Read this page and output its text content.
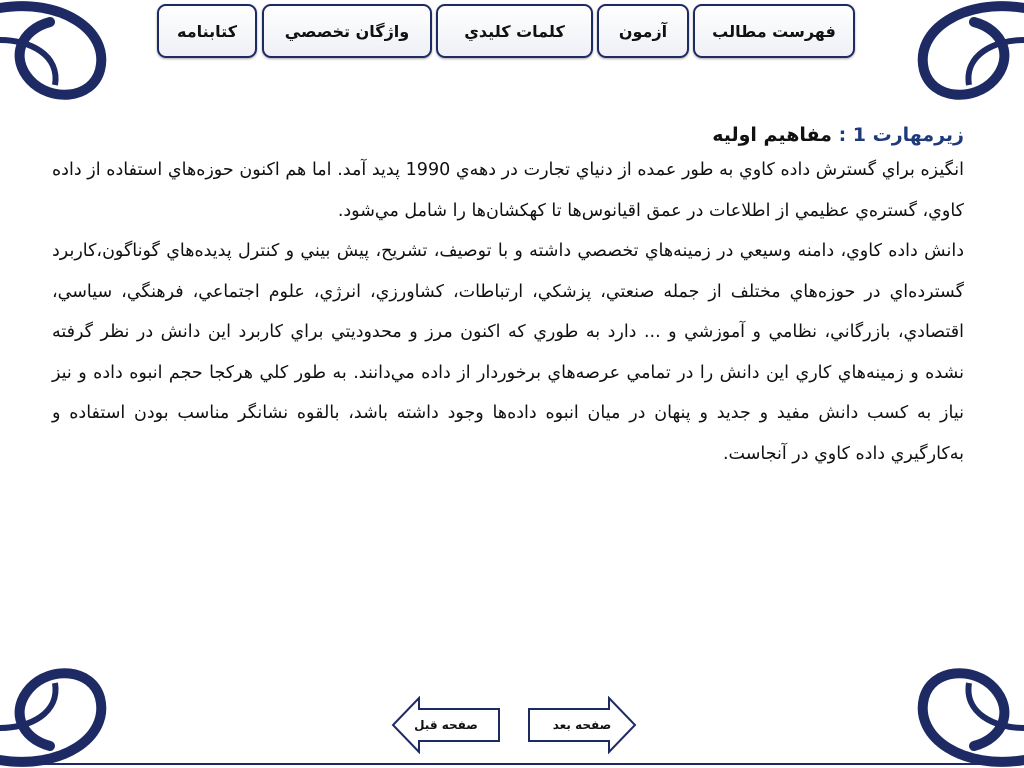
فهرست مطالب
آزمون
كلمات كليدي
واژگان تخصصي
كتابنامه
زيرمهارت 1 : مفاهيم اوليه

انگيزه براي گسترش داده كاوي به طور عمده از دنياي تجارت در دهه‌ي 1990 پديد آمد. اما هم اكنون حوزه‌هاي استفاده از داده كاوي، گستره‌ي عظيمي از اطلاعات در عمق اقيانوس‌ها تا كهكشان‌ها را شامل مي‌شود.

دانش داده كاوي، دامنه وسيعي در زمينه‌هاي تخصصي داشته و با توصيف، تشريح، پيش بيني و كنترل پديده‌هاي گوناگون،كاربرد گسترده‌اي در حوزه‌هاي مختلف از جمله صنعتي، پزشكي، ارتباطات، كشاورزي، انرژي، علوم اجتماعي، فرهنگي، سياسي، اقتصادي، بازرگاني، نظامي و آموزشي و ... دارد به طوري كه اكنون مرز و محدوديتي براي كاربرد اين دانش در نظر گرفته نشده و زمينه‌هاي كاري اين دانش را در تمامي عرصه‌هاي برخوردار از داده مي‌دانند. به طور كلي هركجا حجم انبوه داده و نيز نياز به كسب دانش مفيد و جديد و پنهان در ميان انبوه داده‌ها وجود داشته باشد، بالقوه نشانگر مناسب بودن استفاده و به‌كارگيري داده كاوي در آنجاست.

صفحه بعد
صفحه قبل
